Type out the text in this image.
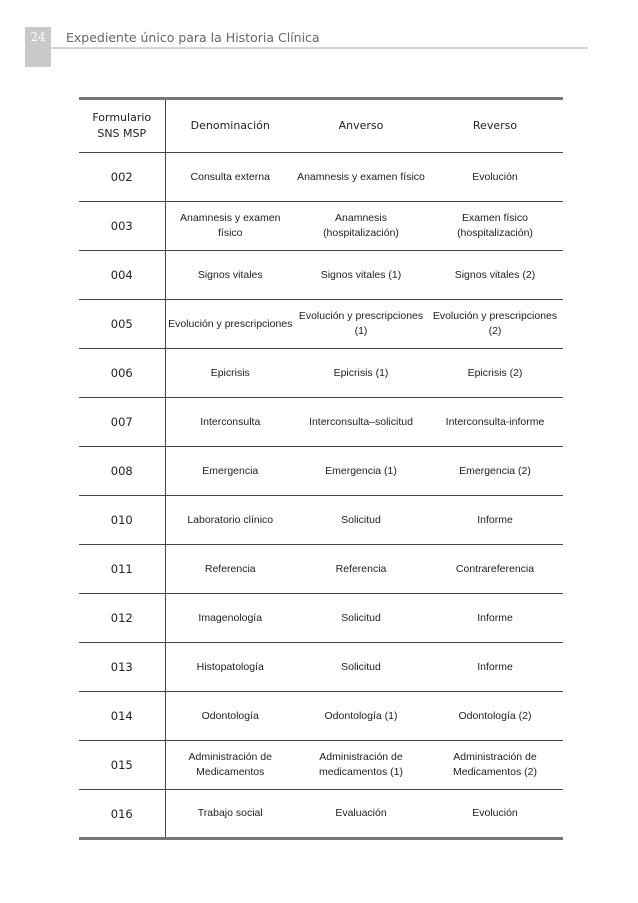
24	Expediente único para la Historia Clínica
Formulario SNS MSP	Denominación	Anverso	Reverso
002	Consulta externa	Anamnesis y examen físico	Evolución
003	Anamnesis y examen físico	Anamnesis (hospitalización)	Examen físico (hospitalización)
004	Signos vitales	Signos vitales (1)	Signos vitales (2)
005	Evolución y prescripciones	Evolución y prescripciones (1)	Evolución y prescripciones (2)
006	Epicrisis	Epicrisis (1)	Epicrisis (2)
007	Interconsulta	Interconsulta–solicitud	Interconsulta-informe
008	Emergencia	Emergencia (1)	Emergencia (2)
010	Laboratorio clínico	Solicitud	Informe
011	Referencia	Referencia	Contrareferencia
012	Imagenología	Solicitud	Informe
013	Histopatología	Solicitud	Informe
014	Odontología	Odontología (1)	Odontología (2)
015	Administración de Medicamentos	Administración de medicamentos (1)	Administración de Medicamentos (2)
016	Trabajo social	Evaluación	Evolución
